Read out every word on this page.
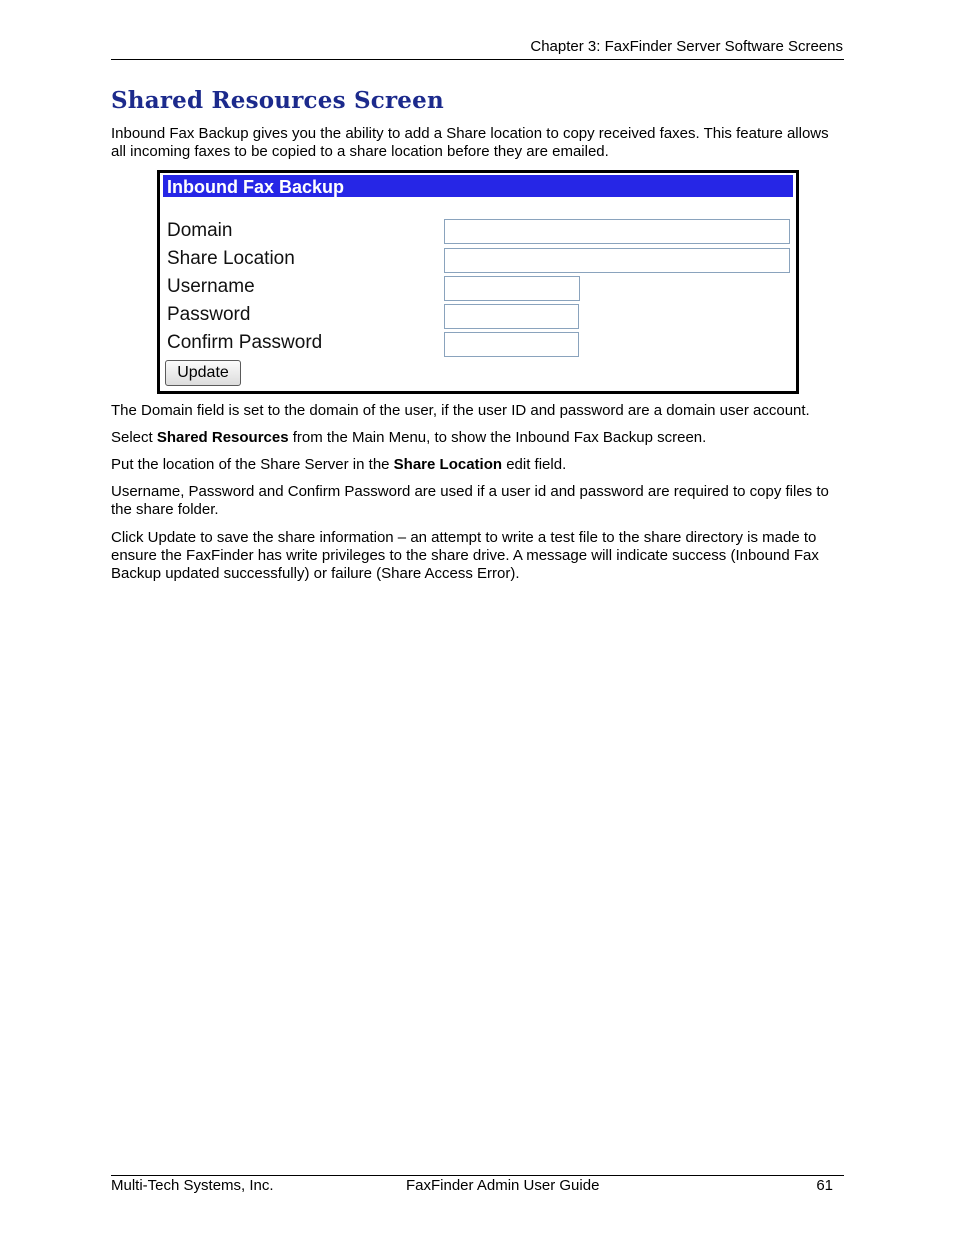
Chapter 3: FaxFinder Server Software Screens
Shared Resources Screen

Inbound Fax Backup gives you the ability to add a Share location to copy received faxes. This feature allows all incoming faxes to be copied to a share location before they are emailed.

Inbound Fax Backup
Domain
Share Location
Username
Password
Confirm Password
Update

The Domain field is set to the domain of the user, if the user ID and password are a domain user account.

Select Shared Resources from the Main Menu, to show the Inbound Fax Backup screen.

Put the location of the Share Server in the Share Location edit field.

Username, Password and Confirm Password are used if a user id and password are required to copy files to the share folder.

Click Update to save the share information – an attempt to write a test file to the share directory is made to ensure the FaxFinder has write privileges to the share drive. A message will indicate success (Inbound Fax Backup updated successfully) or failure (Share Access Error).

Multi-Tech Systems, Inc.	FaxFinder Admin User Guide	61
